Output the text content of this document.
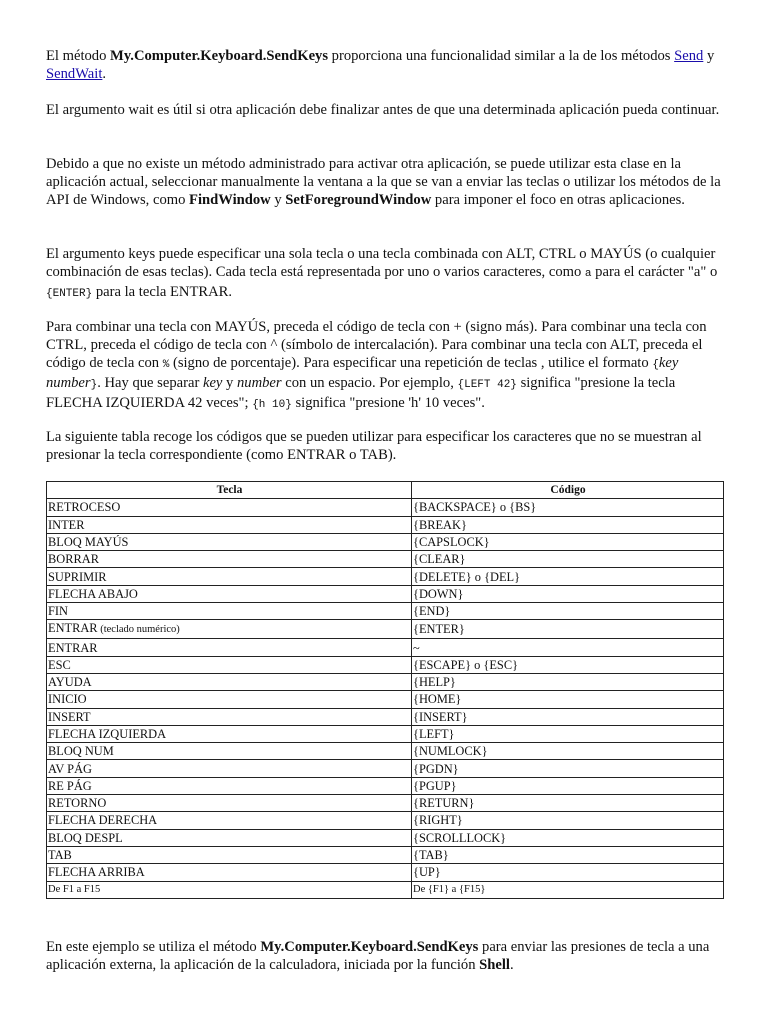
El método My.Computer.Keyboard.SendKeys proporciona una funcionalidad similar a la de los métodos Send y SendWait.

El argumento wait es útil si otra aplicación debe finalizar antes de que una determinada aplicación pueda continuar.

Debido a que no existe un método administrado para activar otra aplicación, se puede utilizar esta clase en la aplicación actual, seleccionar manualmente la ventana a la que se van a enviar las teclas o utilizar los métodos de la API de Windows, como FindWindow y SetForegroundWindow para imponer el foco en otras aplicaciones.

El argumento keys puede especificar una sola tecla o una tecla combinada con ALT, CTRL o MAYÚS (o cualquier combinación de esas teclas). Cada tecla está representada por uno o varios caracteres, como a para el carácter "a" o {ENTER} para la tecla ENTRAR.

Para combinar una tecla con MAYÚS, preceda el código de tecla con + (signo más). Para combinar una tecla con CTRL, preceda el código de tecla con ^ (símbolo de intercalación). Para combinar una tecla con ALT, preceda el código de tecla con % (signo de porcentaje). Para especificar una repetición de teclas , utilice el formato {key number}. Hay que separar key y number con un espacio. Por ejemplo, {LEFT 42} significa "presione la tecla FLECHA IZQUIERDA 42 veces"; {h 10} significa "presione 'h' 10 veces".

La siguiente tabla recoge los códigos que se pueden utilizar para especificar los caracteres que no se muestran al presionar la tecla correspondiente (como ENTRAR o TAB).

Tecla	Código
RETROCESO	{BACKSPACE} o {BS}
INTER	{BREAK}
BLOQ MAYÚS	{CAPSLOCK}
BORRAR	{CLEAR}
SUPRIMIR	{DELETE} o {DEL}
FLECHA ABAJO	{DOWN}
FIN	{END}
ENTRAR (teclado numérico)	{ENTER}
ENTRAR	~
ESC	{ESCAPE} o {ESC}
AYUDA	{HELP}
INICIO	{HOME}
INSERT	{INSERT}
FLECHA IZQUIERDA	{LEFT}
BLOQ NUM	{NUMLOCK}
AV PÁG	{PGDN}
RE PÁG	{PGUP}
RETORNO	{RETURN}
FLECHA DERECHA	{RIGHT}
BLOQ DESPL	{SCROLLLOCK}
TAB	{TAB}
FLECHA ARRIBA	{UP}
De F1 a F15	De {F1} a {F15}

En este ejemplo se utiliza el método My.Computer.Keyboard.SendKeys para enviar las presiones de tecla a una aplicación externa, la aplicación de la calculadora, iniciada por la función Shell.
